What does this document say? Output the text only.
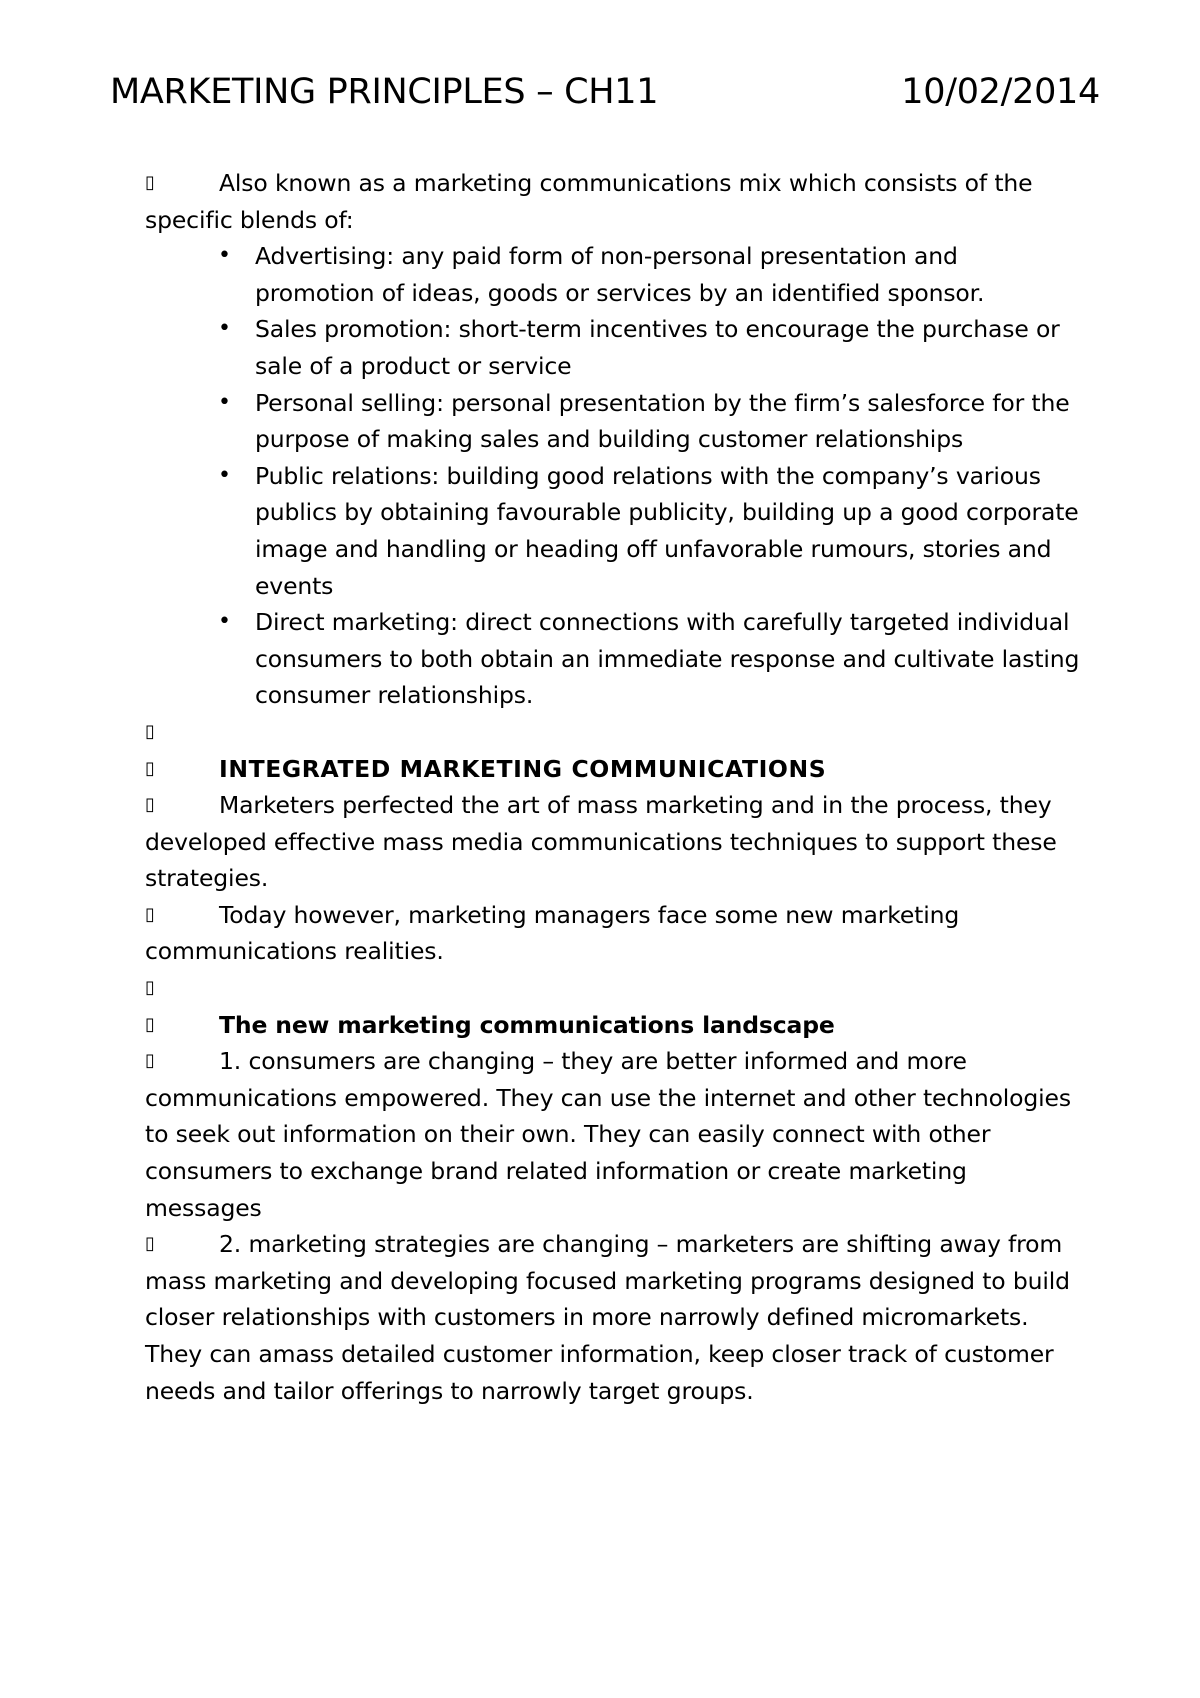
MARKETING PRINCIPLES – CH11	10/02/2014

▯
Also known as a marketing communications mix which consists of the specific blends of:

•
Advertising: any paid form of non-personal presentation and promotion of ideas, goods or services by an identified sponsor.
•
Sales promotion: short-term incentives to encourage the purchase or sale of a product or service
•
Personal selling: personal presentation by the firm’s salesforce for the purpose of making sales and building customer relationships
•
Public relations: building good relations with the company’s various publics by obtaining favourable publicity, building up a good corporate image and handling or heading off unfavorable rumours, stories and events
•
Direct marketing: direct connections with carefully targeted individual consumers to both obtain an immediate response and cultivate lasting consumer relationships.

▯

▯
INTEGRATED MARKETING COMMUNICATIONS

▯
Marketers perfected the art of mass marketing and in the process, they developed effective mass media communications techniques to support these strategies.

▯
Today however, marketing managers face some new marketing communications realities.

▯

▯
The new marketing communications landscape

▯
1. consumers are changing – they are better informed and more communications empowered. They can use the internet and other technologies to seek out information on their own. They can easily connect with other consumers to exchange brand related information or create marketing messages

▯
2. marketing strategies are changing – marketers are shifting away from mass marketing and developing focused marketing programs designed to build closer relationships with customers in more narrowly defined micromarkets. They can amass detailed customer information, keep closer track of customer needs and tailor offerings to narrowly target groups.
